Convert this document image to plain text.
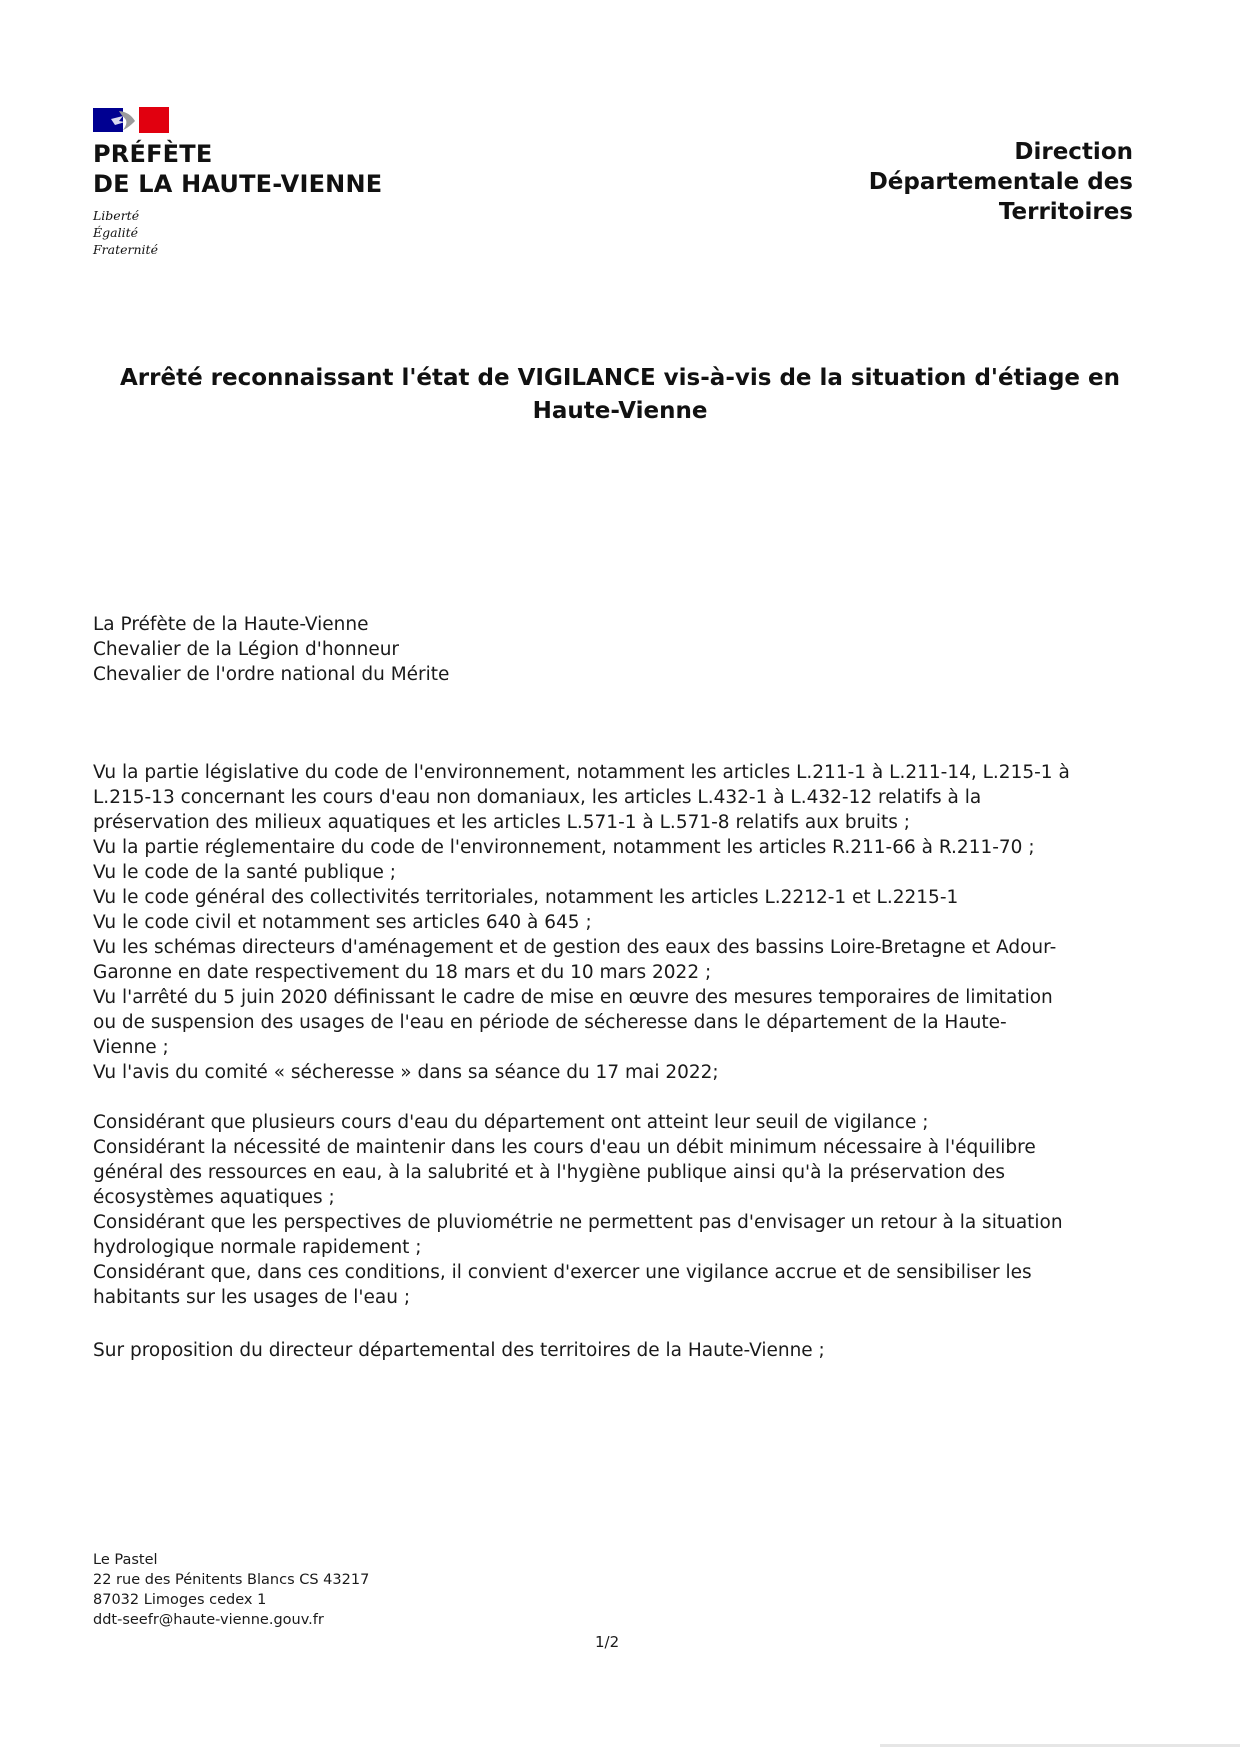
PRÉFÈTE
DE LA HAUTE-VIENNE
Liberté
Égalité
Fraternité
Direction
Départementale des
Territoires
Arrêté reconnaissant l'état de VIGILANCE vis-à-vis de la situation d'étiage en
Haute-Vienne
La Préfète de la Haute-Vienne
Chevalier de la Légion d'honneur
Chevalier de l'ordre national du Mérite
Vu la partie législative du code de l'environnement, notamment les articles L.211-1 à L.211-14, L.215-1 à
L.215-13 concernant les cours d'eau non domaniaux, les articles L.432-1 à L.432-12 relatifs à la
préservation des milieux aquatiques et les articles L.571-1 à L.571-8 relatifs aux bruits ;
Vu la partie réglementaire du code de l'environnement, notamment les articles R.211-66 à R.211-70 ;
Vu le code de la santé publique ;
Vu le code général des collectivités territoriales, notamment les articles L.2212-1 et L.2215-1
Vu le code civil et notamment ses articles 640 à 645 ;
Vu les schémas directeurs d'aménagement et de gestion des eaux des bassins Loire-Bretagne et Adour-
Garonne en date respectivement du 18 mars et du 10 mars 2022 ;
Vu l'arrêté du 5 juin 2020 définissant le cadre de mise en œuvre des mesures temporaires de limitation
ou de suspension des usages de l'eau en période de sécheresse dans le département de la Haute-
Vienne ;
Vu l'avis du comité « sécheresse » dans sa séance du 17 mai 2022;
Considérant que plusieurs cours d'eau du département ont atteint leur seuil de vigilance ;
Considérant la nécessité de maintenir dans les cours d'eau un débit minimum nécessaire à l'équilibre
général des ressources en eau, à la salubrité et à l'hygiène publique ainsi qu'à la préservation des
écosystèmes aquatiques ;
Considérant que les perspectives de pluviométrie ne permettent pas d'envisager un retour à la situation
hydrologique normale rapidement ;
Considérant que, dans ces conditions, il convient d'exercer une vigilance accrue et de sensibiliser les
habitants sur les usages de l'eau ;
Sur proposition du directeur départemental des territoires de la Haute-Vienne ;
Le Pastel
22 rue des Pénitents Blancs CS 43217
87032 Limoges cedex 1
ddt-seefr@haute-vienne.gouv.fr
1/2
